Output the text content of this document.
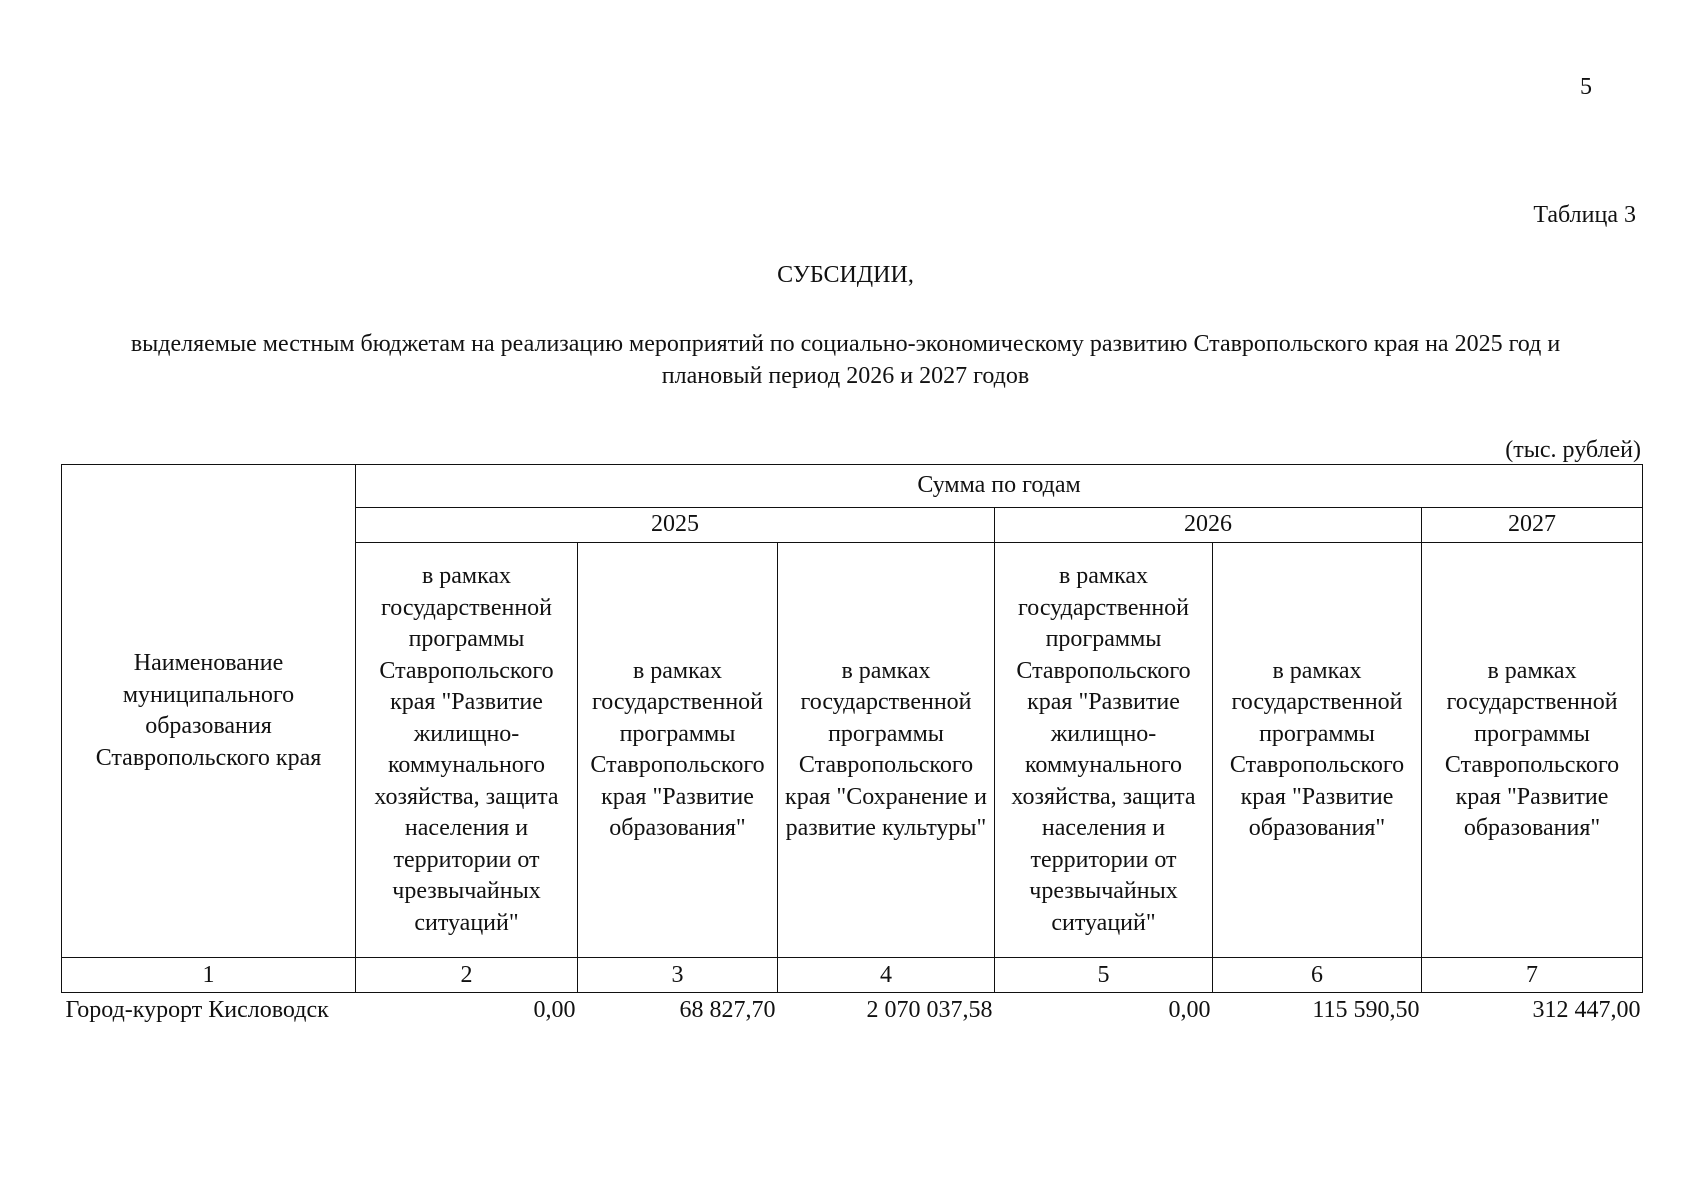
5
Таблица 3
СУБСИДИИ,
выделяемые местным бюджетам на реализацию мероприятий по социально-экономическому развитию Ставропольского края на 2025 год и плановый период 2026 и 2027 годов
(тыс. рублей)
Наименование муниципального образования Ставропольского края	Сумма по годам					
	2025			2026		2027
	в рамках государственной программы Ставропольского края "Развитие жилищно-коммунального хозяйства, защита населения и территории от чрезвычайных ситуаций"	в рамках государственной программы Ставропольского края "Развитие образования"	в рамках государственной программы Ставропольского края "Сохранение и развитие культуры"	в рамках государственной программы Ставропольского края "Развитие жилищно-коммунального хозяйства, защита населения и территории от чрезвычайных ситуаций"	в рамках государственной программы Ставропольского края "Развитие образования"	в рамках государственной программы Ставропольского края "Развитие образования"
1	2	3	4	5	6	7
Город-курорт Кисловодск	0,00	68 827,70	2 070 037,58	0,00	115 590,50	312 447,00
